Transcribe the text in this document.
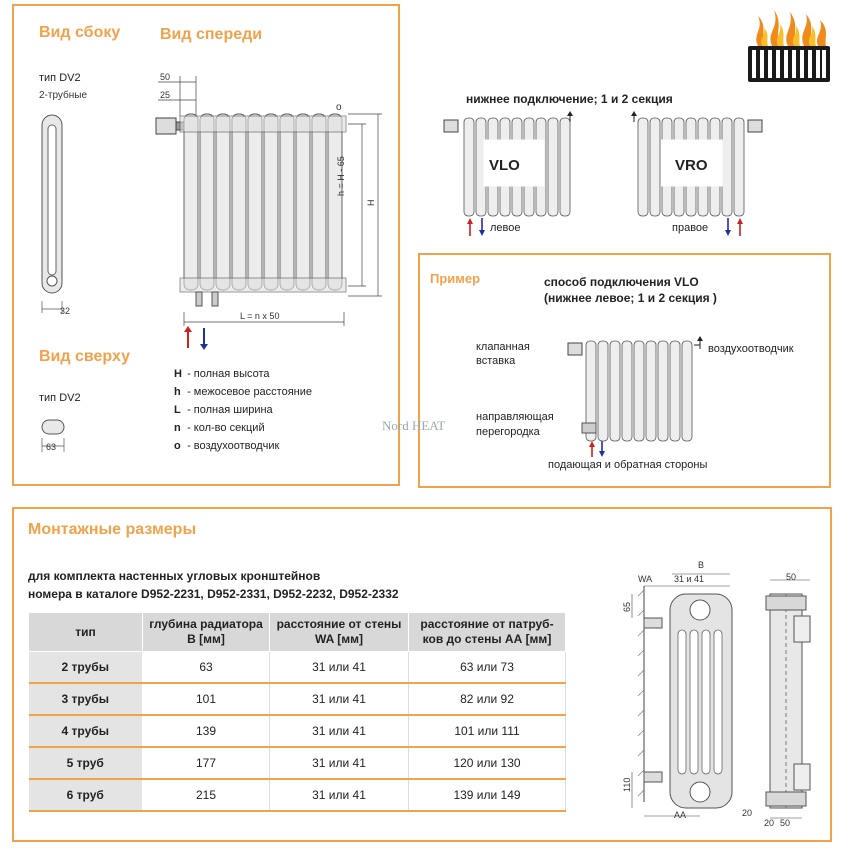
Вид сбоку Вид спереди
тип DV2
2-трубные
32
50
25
o
h = H - 65
H
L = n x 50
Вид сверху
тип DV2
63
H - полная высота
h - межосевое расстояние
L - полная ширина
n - кол-во секций
o - воздухоотводчик
нижнее подключение; 1 и 2 секция
VLO
левое
VRO
правое
Пример	способ подключения VLO
(нижнее левое; 1 и 2 секция )
клапанная
вставка
воздухоотводчик
направляющая
перегородка
подающая и обратная стороны
Nord HEAT
Монтажные размеры
для комплекта настенных угловых кронштейнов
номера в каталоге D952-2231, D952-2331, D952-2232, D952-2332
тип	глубина радиатора В [мм]	расстояние от стены WA [мм]	расстояние от патруб-ков до стены АА [мм]
2 трубы	63	31 или 41	63 или 73
3 трубы	101	31 или 41	82 или 92
4 трубы	139	31 или 41	101 или 111
5 труб	177	31 или 41	120 или 130
6 труб	215	31 или 41	139 или 149
B
WA 31 и 41	50
65
110
AA	20
20 50
